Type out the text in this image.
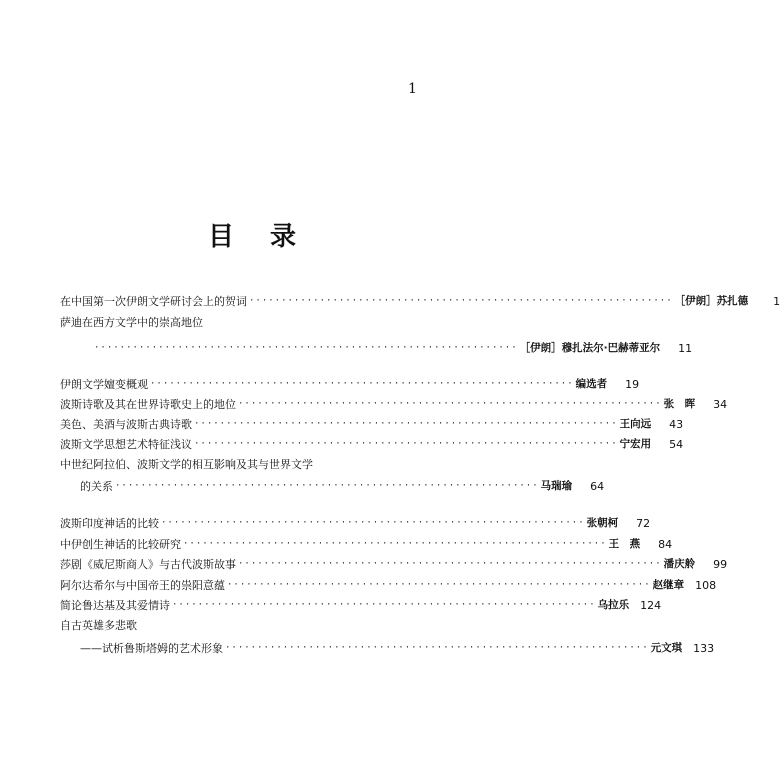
1
目 录
在中国第一次伊朗文学研讨会上的贺词 ·································································· ［伊朗］苏扎德	1
萨迪在西方文学中的崇高地位
·································································· ［伊朗］穆扎法尔·巴赫蒂亚尔	11
伊朗文学嬗变概观 ·································································· 编选者	19
波斯诗歌及其在世界诗歌史上的地位 ·································································· 张　晖	34
美色、美酒与波斯古典诗歌 ·································································· 王向远	43
波斯文学思想艺术特征浅议 ·································································· 宁宏用	54
中世纪阿拉伯、波斯文学的相互影响及其与世界文学
的关系 ·································································· 马瑞瑜	64
波斯印度神话的比较 ·································································· 张朝柯	72
中伊创生神话的比较研究 ·································································· 王　燕	84
莎剧《威尼斯商人》与古代波斯故事 ·································································· 潘庆舲	99
阿尔达希尔与中国帝王的祟阳意蕴 ·································································· 赵继章	108
简论鲁达基及其爱情诗 ·································································· 乌拉乐	124
自古英雄多悲歌
——试析鲁斯塔姆的艺术形象 ·································································· 元文琪	133
